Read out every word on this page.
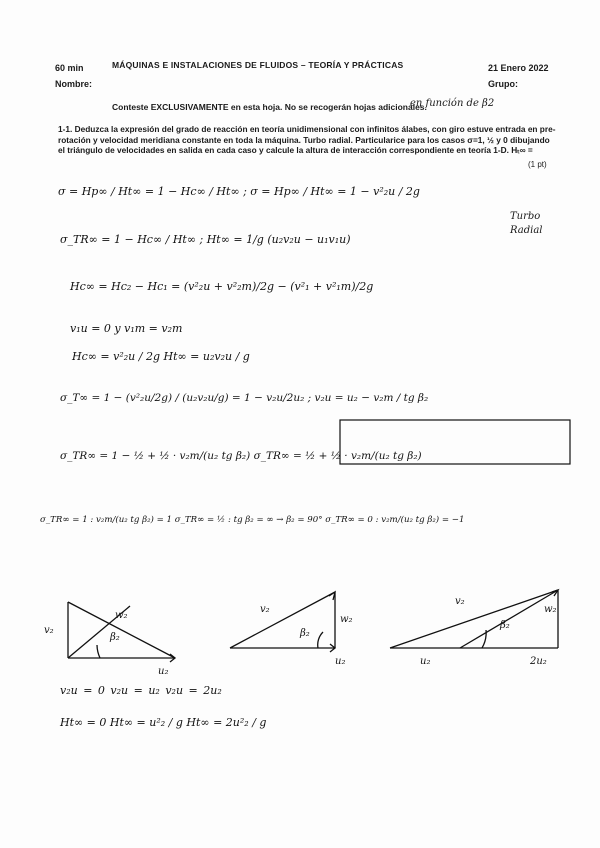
60 min
Nombre:
MÁQUINAS E INSTALACIONES DE FLUIDOS – TEORÍA Y PRÁCTICAS	21 Enero 2022
Grupo:
Conteste EXCLUSIVAMENTE en esta hoja. No se recogerán hojas adicionales.
en función de β2
1-1. Deduzca la expresión del grado de reacción en teoría unidimensional con infinitos álabes, con giro estuve entrada en pre-rotación y velocidad meridiana constante en toda la máquina. Turbo radial. Particularice para los casos σ=1, ½ y 0 dibujando el triángulo de velocidades en salida en cada caso y calcule la altura de interacción correspondiente en teoría 1-D. Hₜ∞ =
(1 pt)
Turbo
Radial
σ = Hp∞ / Ht∞ = 1 − Hc∞ / Ht∞ ; σ = Hp∞ / Ht∞ = 1 − v²₂u / 2g
σ_TR∞ = 1 − Hc∞ / Ht∞ ; Ht∞ = 1/g (u₂v₂u − u₁v₁u)
Hc∞ = Hc₂ − Hc₁ = (v²₂u + v²₂m)/2g − (v²₁ + v²₁m)/2g
v₁u = 0 y v₁m = v₂m
Hc∞ = v²₂u / 2g Ht∞ = u₂v₂u / g
σ_T∞ = 1 − (v²₂u/2g) / (u₂v₂u/g) = 1 − v₂u/2u₂ ; v₂u = u₂ − v₂m / tg β₂
σ_TR∞ = 1 − ½ + ½ · v₂m/(u₂ tg β₂) σ_TR∞ = ½ + ½ · v₂m/(u₂ tg β₂)
σ_TR∞ = 1 : v₂m/(u₂ tg β₂) = 1 σ_TR∞ = ½ : tg β₂ = ∞ → β₂ = 90° σ_TR∞ = 0 : v₂m/(u₂ tg β₂) = −1
v₂u = 0 v₂u = u₂ v₂u = 2u₂
Ht∞ = 0 Ht∞ = u²₂ / g Ht∞ = 2u²₂ / g
v₂
β₂
w₂
u₂
v₂
β₂
w₂
u₂
v₂
β₂
w₂
u₂	2u₂
